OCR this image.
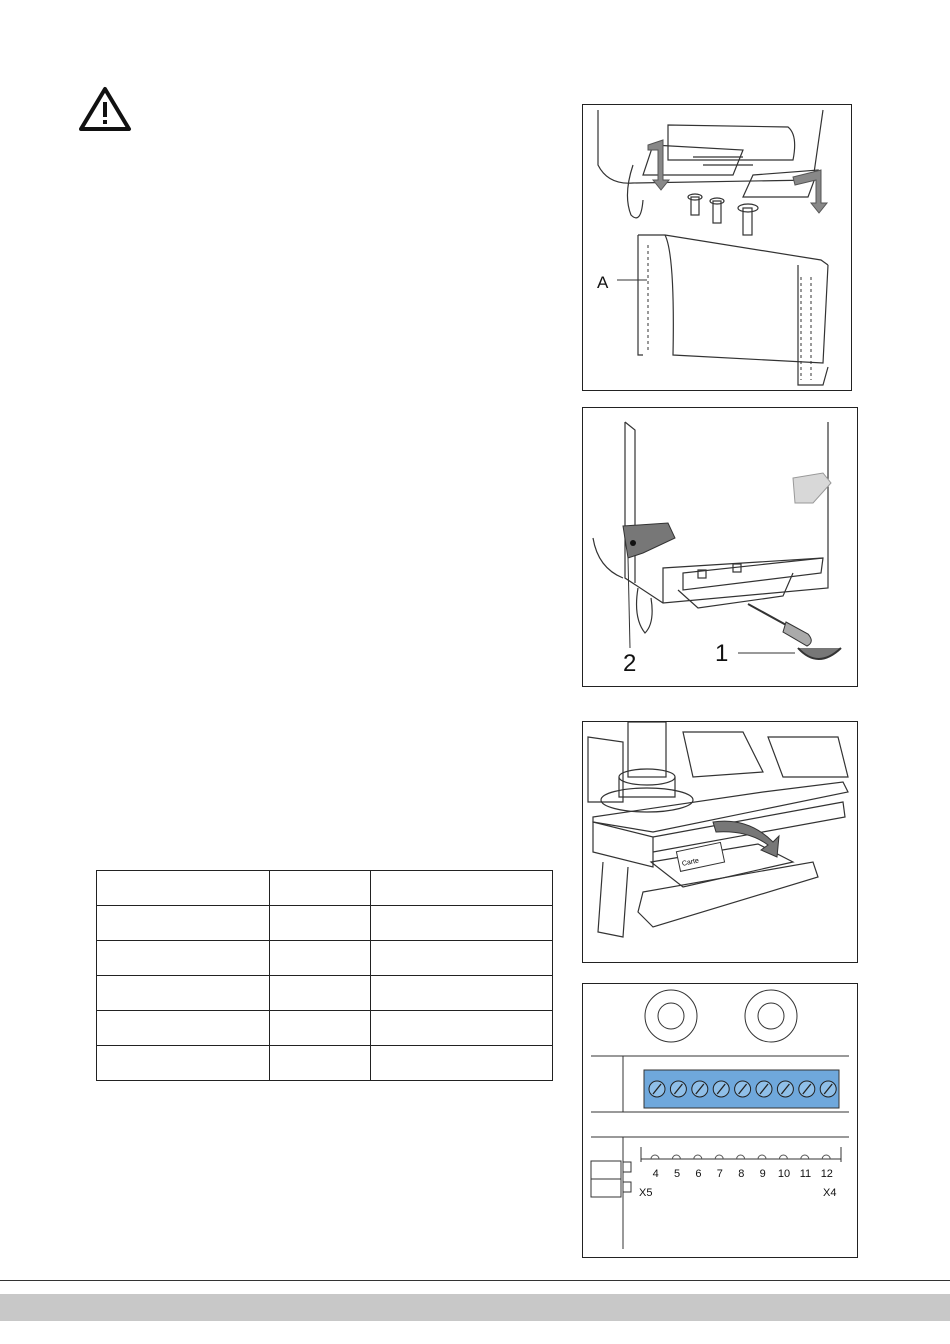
A
1
2
Carte
4	5	6	7	8	9	10 11 12
X5	X4
